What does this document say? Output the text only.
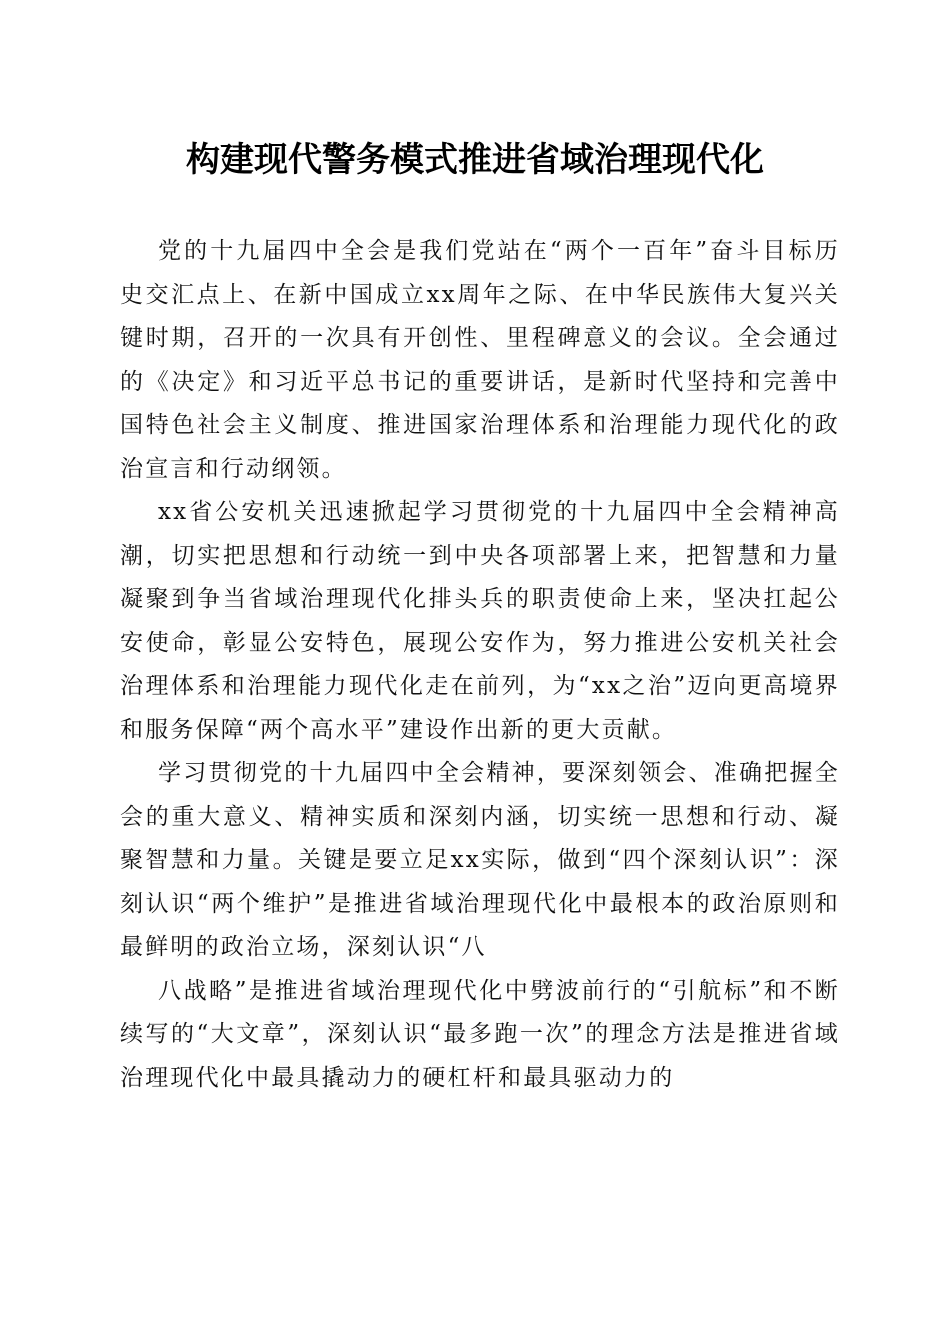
构建现代警务模式推进省域治理现代化

党的十九届四中全会是我们党站在“两个一百年”奋斗目标历史交汇点上、在新中国成立xx周年之际、在中华民族伟大复兴关键时期，召开的一次具有开创性、里程碑意义的会议。全会通过的《决定》和习近平总书记的重要讲话，是新时代坚持和完善中国特色社会主义制度、推进国家治理体系和治理能力现代化的政治宣言和行动纲领。

xx省公安机关迅速掀起学习贯彻党的十九届四中全会精神高潮，切实把思想和行动统一到中央各项部署上来，把智慧和力量凝聚到争当省域治理现代化排头兵的职责使命上来，坚决扛起公安使命，彰显公安特色，展现公安作为，努力推进公安机关社会治理体系和治理能力现代化走在前列，为“xx之治”迈向更高境界和服务保障“两个高水平”建设作出新的更大贡献。

学习贯彻党的十九届四中全会精神，要深刻领会、准确把握全会的重大意义、精神实质和深刻内涵，切实统一思想和行动、凝聚智慧和力量。关键是要立足xx实际，做到“四个深刻认识”：深刻认识“两个维护”是推进省域治理现代化中最根本的政治原则和最鲜明的政治立场，深刻认识“八

八战略”是推进省域治理现代化中劈波前行的“引航标”和不断续写的“大文章”，深刻认识“最多跑一次”的理念方法是推进省域治理现代化中最具撬动力的硬杠杆和最具驱动力的
